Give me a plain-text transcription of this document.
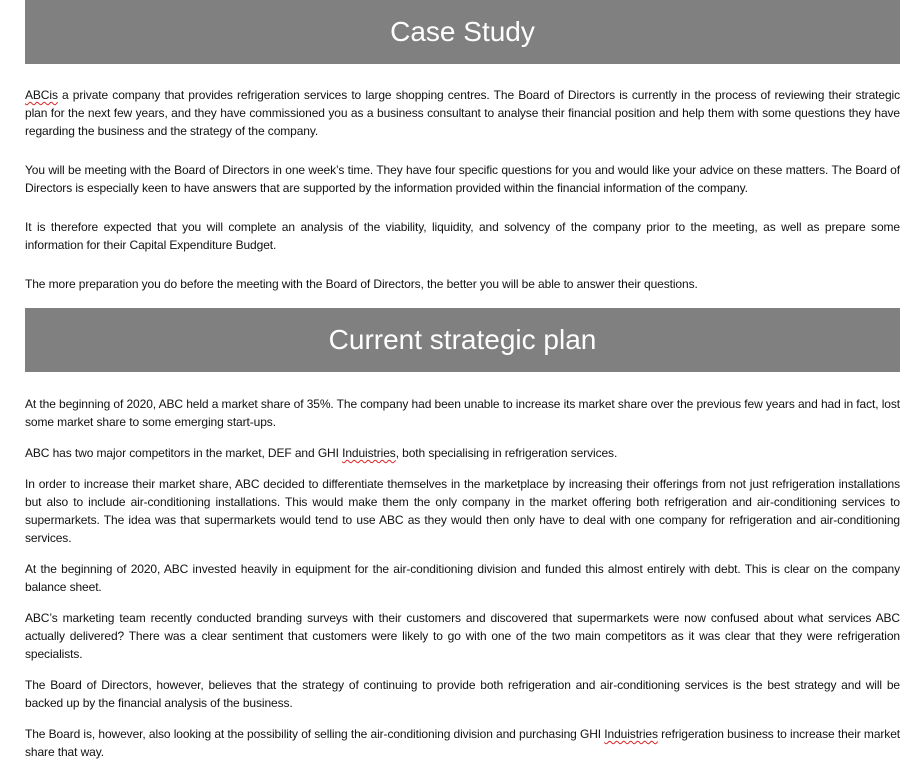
Case Study

ABCis a private company that provides refrigeration services to large shopping centres. The Board of Directors is currently in the process of reviewing their strategic plan for the next few years, and they have commissioned you as a business consultant to analyse their financial position and help them with some questions they have regarding the business and the strategy of the company.

You will be meeting with the Board of Directors in one week’s time. They have four specific questions for you and would like your advice on these matters. The Board of Directors is especially keen to have answers that are supported by the information provided within the financial information of the company.

It is therefore expected that you will complete an analysis of the viability, liquidity, and solvency of the company prior to the meeting, as well as prepare some information for their Capital Expenditure Budget.

The more preparation you do before the meeting with the Board of Directors, the better you will be able to answer their questions.

Current strategic plan

At the beginning of 2020, ABC held a market share of 35%. The company had been unable to increase its market share over the previous few years and had in fact, lost some market share to some emerging start-ups.

ABC has two major competitors in the market, DEF and GHI Induistries, both specialising in refrigeration services.

In order to increase their market share, ABC decided to differentiate themselves in the marketplace by increasing their offerings from not just refrigeration installations but also to include air-conditioning installations. This would make them the only company in the market offering both refrigeration and air-conditioning services to supermarkets. The idea was that supermarkets would tend to use ABC as they would then only have to deal with one company for refrigeration and air-conditioning services.

At the beginning of 2020, ABC invested heavily in equipment for the air-conditioning division and funded this almost entirely with debt. This is clear on the company balance sheet.

ABC’s marketing team recently conducted branding surveys with their customers and discovered that supermarkets were now confused about what services ABC actually delivered? There was a clear sentiment that customers were likely to go with one of the two main competitors as it was clear that they were refrigeration specialists.

The Board of Directors, however, believes that the strategy of continuing to provide both refrigeration and air-conditioning services is the best strategy and will be backed up by the financial analysis of the business.

The Board is, however, also looking at the possibility of selling the air-conditioning division and purchasing GHI Induistries refrigeration business to increase their market share that way.
